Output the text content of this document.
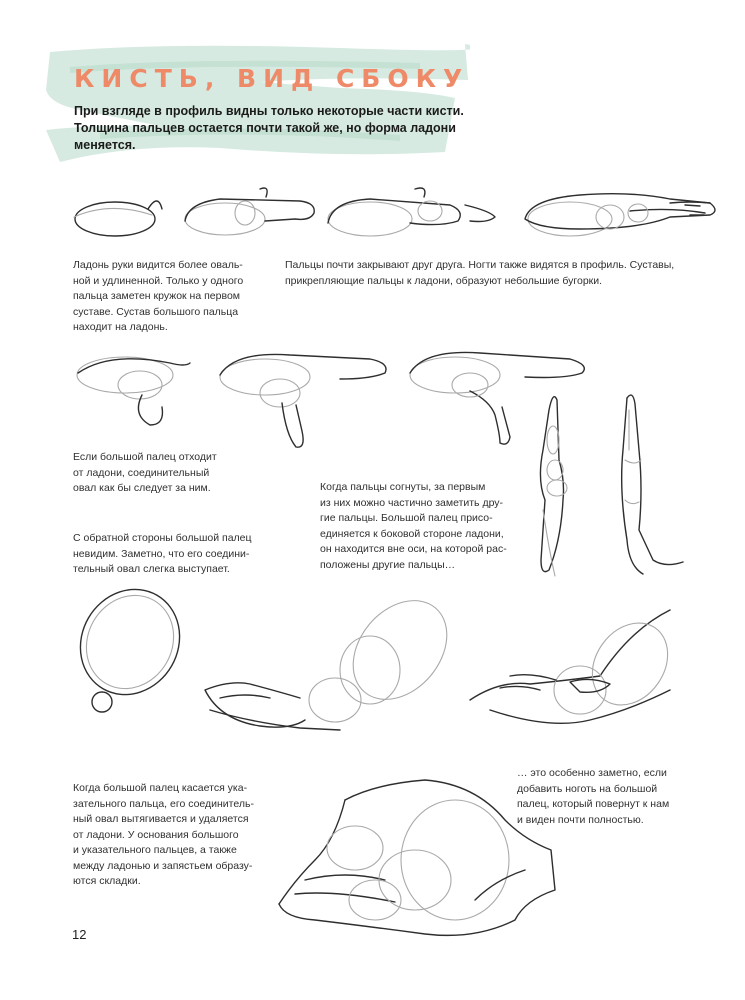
КИСТЬ, ВИД СБОКУ

При взгляде в профиль видны только некоторые части кисти. Толщина пальцев остается почти такой же, но форма ладони меняется.

Ладонь руки видится более оваль-
ной и удлиненной. Только у одного
пальца заметен кружок на первом
суставе. Сустав большого пальца
находит на ладонь.

Пальцы почти закрывают друг друга. Ногти также видятся в профиль. Суставы,
прикрепляющие пальцы к ладони, образуют небольшие бугорки.

Если большой палец отходит
от ладони, соединительный
овал как бы следует за ним.	Когда пальцы согнуты, за первым
из них можно частично заметить дру-
гие пальцы. Большой палец присо-
единяется к боковой стороне ладони,
он находится вне оси, на которой рас-
положены другие пальцы…

С обратной стороны большой палец
невидим. Заметно, что его соедини-
тельный овал слегка выступает.

… это особенно заметно, если
добавить ноготь на большой
палец, который повернут к нам
и виден почти полностью.

Когда большой палец касается ука-
зательного пальца, его соединитель-
ный овал вытягивается и удаляется
от ладони. У основания большого
и указательного пальцев, а также
между ладонью и запястьем образу-
ются складки.

12
